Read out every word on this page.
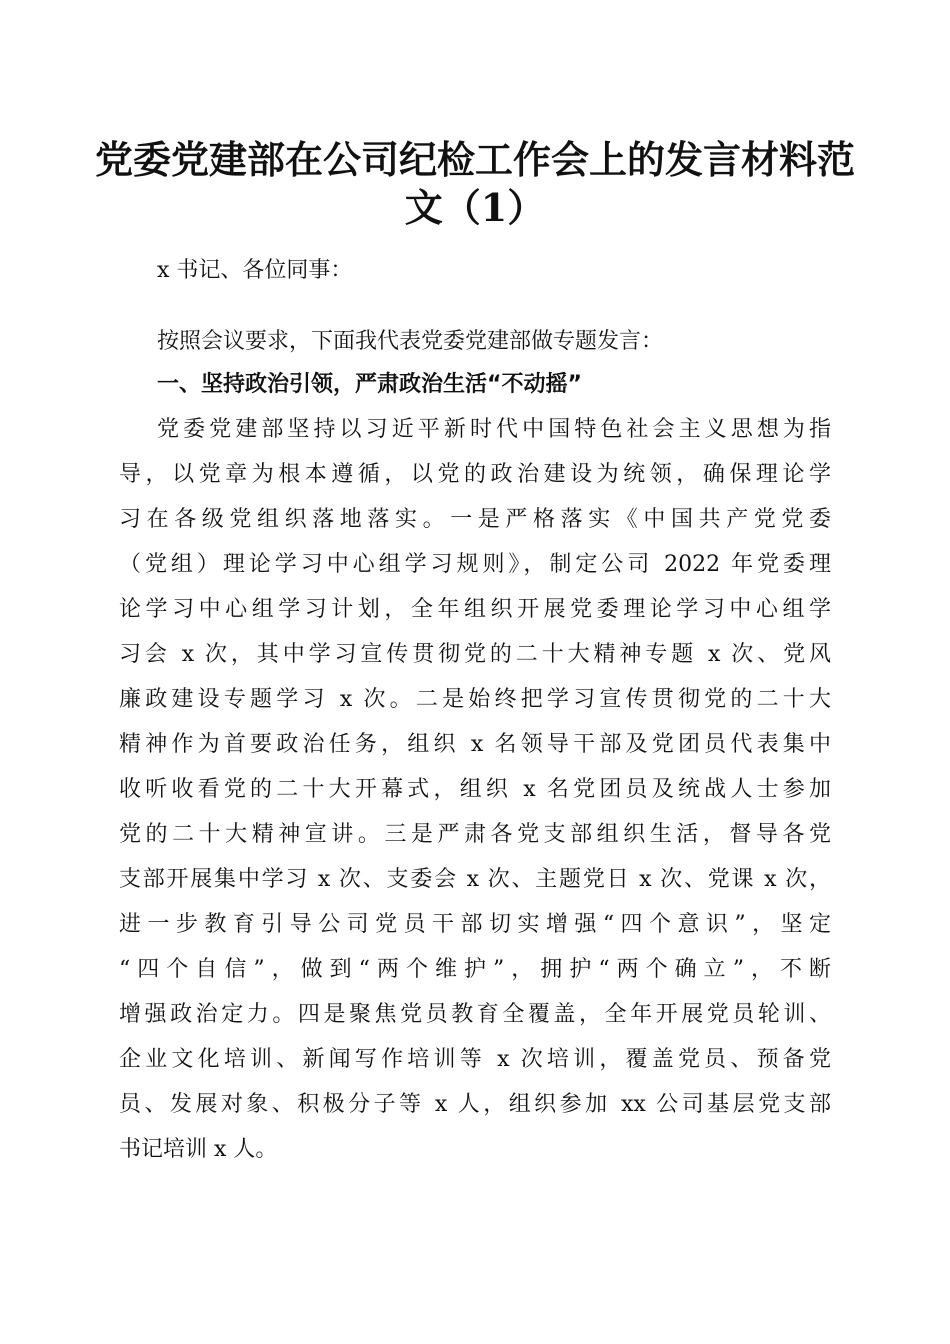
党委党建部在公司纪检工作会上的发言材料范
文（1）

x 书记、各位同事：

按照会议要求，下面我代表党委党建部做专题发言：

一、坚持政治引领，严肃政治生活“不动摇”

党委党建部坚持以习近平新时代中国特色社会主义思想为指

导，以党章为根本遵循，以党的政治建设为统领，确保理论学

习在各级党组织落地落实。一是严格落实《中国共产党党委

（党组）理论学习中心组学习规则》，制定公司 2022 年党委理

论学习中心组学习计划，全年组织开展党委理论学习中心组学

习会 x 次，其中学习宣传贯彻党的二十大精神专题 x 次、党风

廉政建设专题学习 x 次。二是始终把学习宣传贯彻党的二十大

精神作为首要政治任务，组织 x 名领导干部及党团员代表集中

收听收看党的二十大开幕式，组织 x 名党团员及统战人士参加

党的二十大精神宣讲。三是严肃各党支部组织生活，督导各党

支部开展集中学习 x 次、支委会 x 次、主题党日 x 次、党课 x 次，

进一步教育引导公司党员干部切实增强“四个意识”，坚定

“四个自信”，做到“两个维护”，拥护“两个确立”，不断

增强政治定力。四是聚焦党员教育全覆盖，全年开展党员轮训、

企业文化培训、新闻写作培训等 x 次培训，覆盖党员、预备党

员、发展对象、积极分子等 x 人，组织参加 xx 公司基层党支部

书记培训 x 人。
